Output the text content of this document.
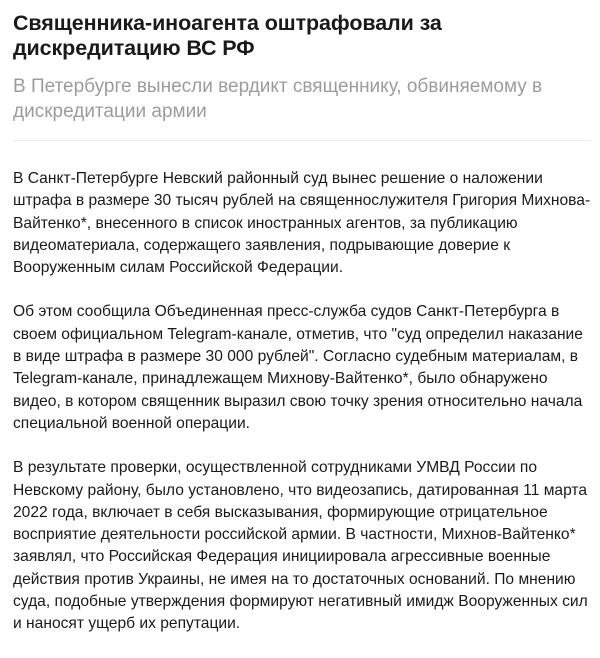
Священника-иноагента оштрафовали за дискредитацию ВС РФ
В Петербурге вынесли вердикт священнику, обвиняемому в дискредитации армии

В Санкт-Петербурге Невский районный суд вынес решение о наложении штрафа в размере 30 тысяч рублей на священнослужителя Григория Михнова-Вайтенко*, внесенного в список иностранных агентов, за публикацию видеоматериала, содержащего заявления, подрывающие доверие к Вооруженным силам Российской Федерации.

Об этом сообщила Объединенная пресс-служба судов Санкт-Петербурга в своем официальном Telegram-канале, отметив, что "суд определил наказание в виде штрафа в размере 30 000 рублей". Согласно судебным материалам, в Telegram-канале, принадлежащем Михнову-Вайтенко*, было обнаружено видео, в котором священник выразил свою точку зрения относительно начала специальной военной операции.

В результате проверки, осуществленной сотрудниками УМВД России по Невскому району, было установлено, что видеозапись, датированная 11 марта 2022 года, включает в себя высказывания, формирующие отрицательное восприятие деятельности российской армии. В частности, Михнов-Вайтенко* заявлял, что Российская Федерация инициировала агрессивные военные действия против Украины, не имея на то достаточных оснований. По мнению суда, подобные утверждения формируют негативный имидж Вооруженных сил и наносят ущерб их репутации.
